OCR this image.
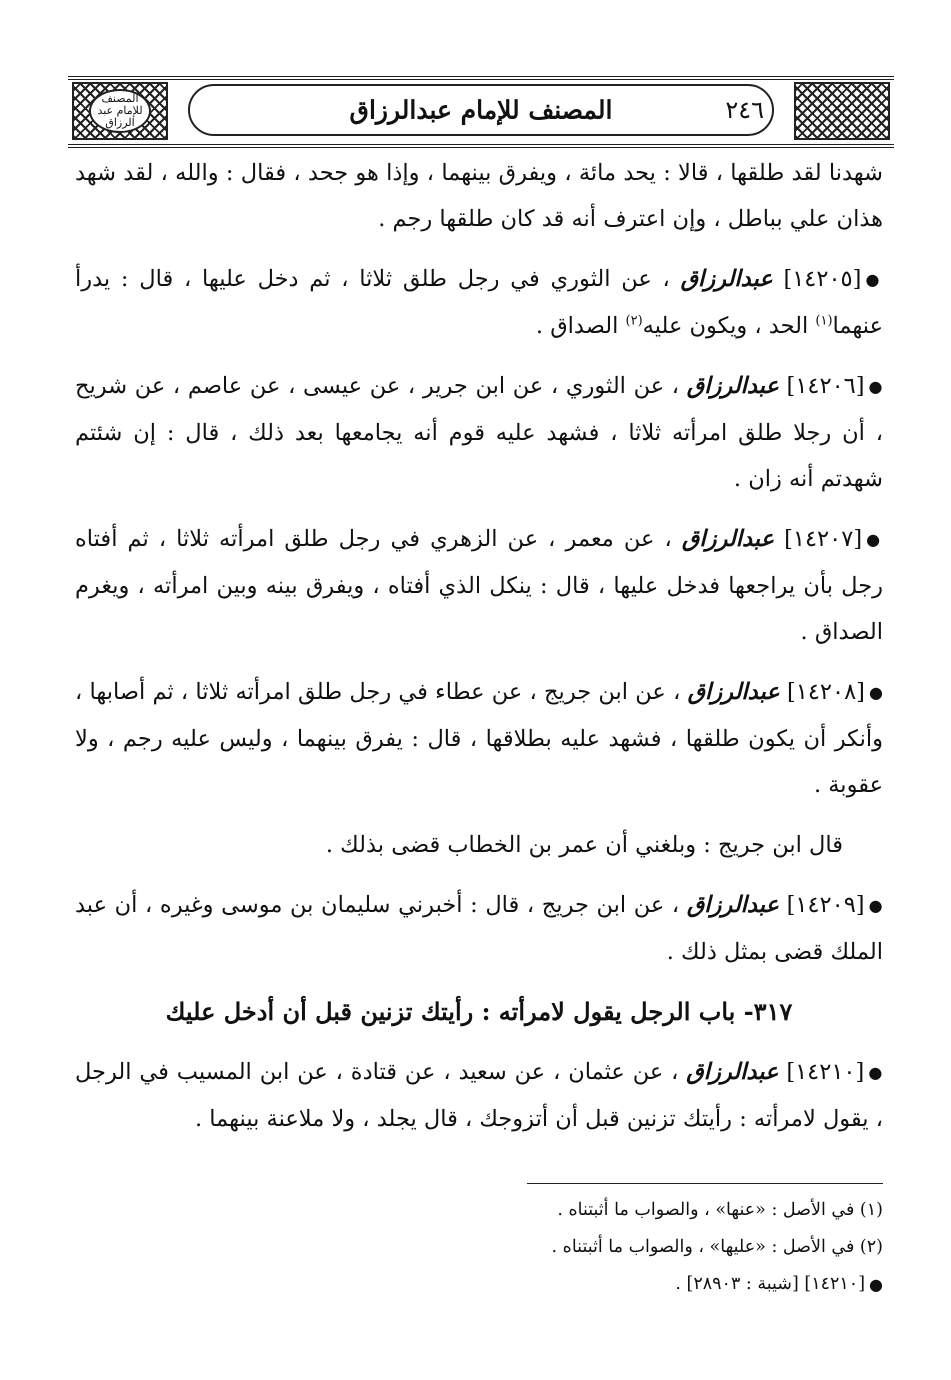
المصنف للإمام عبد الرزاق	المصنف للإمام عبدالرزاق	٢٤٦

شهدنا لقد طلقها ، قالا : يحد مائة ، ويفرق بينهما ، وإذا هو جحد ، فقال : والله ، لقد شهد هذان علي بباطل ، وإن اعترف أنه قد كان طلقها رجم .

●[١٤٢٠٥] عبدالرزاق ، عن الثوري في رجل طلق ثلاثا ، ثم دخل عليها ، قال : يدرأ عنهما$^{(١)}$ الحد ، ويكون عليه$^{(٢)}$ الصداق .

●[١٤٢٠٦] عبدالرزاق ، عن الثوري ، عن ابن جرير ، عن عيسى ، عن عاصم ، عن شريح ، أن رجلا طلق امرأته ثلاثا ، فشهد عليه قوم أنه يجامعها بعد ذلك ، قال : إن شئتم شهدتم أنه زان .

●[١٤٢٠٧] عبدالرزاق ، عن معمر ، عن الزهري في رجل طلق امرأته ثلاثا ، ثم أفتاه رجل بأن يراجعها فدخل عليها ، قال : ينكل الذي أفتاه ، ويفرق بينه وبين امرأته ، ويغرم الصداق .

●[١٤٢٠٨] عبدالرزاق ، عن ابن جريج ، عن عطاء في رجل طلق امرأته ثلاثا ، ثم أصابها ، وأنكر أن يكون طلقها ، فشهد عليه بطلاقها ، قال : يفرق بينهما ، وليس عليه رجم ، ولا عقوبة .

قال ابن جريج : وبلغني أن عمر بن الخطاب قضى بذلك .

●[١٤٢٠٩] عبدالرزاق ، عن ابن جريج ، قال : أخبرني سليمان بن موسى وغيره ، أن عبد الملك قضى بمثل ذلك .

٣١٧- باب الرجل يقول لامرأته : رأيتك تزنين قبل أن أدخل عليك

●[١٤٢١٠] عبدالرزاق ، عن عثمان ، عن سعيد ، عن قتادة ، عن ابن المسيب في الرجل ، يقول لامرأته : رأيتك تزنين قبل أن أتزوجك ، قال يجلد ، ولا ملاعنة بينهما .

(١) في الأصل : «عنها» ، والصواب ما أثبتناه .

(٢) في الأصل : «عليها» ، والصواب ما أثبتناه .

●[١٤٢١٠] [شيبة : ٢٨٩٠٣] .
